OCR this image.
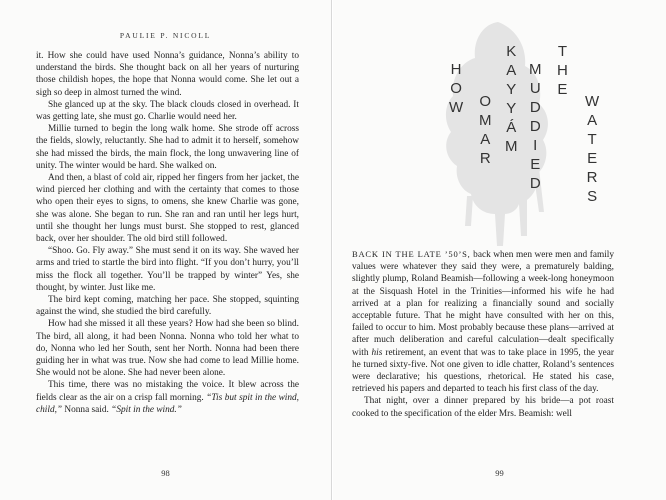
PAULIE P. NICOLL

it. How she could have used Nonna’s guidance, Nonna’s ability to understand the birds. She thought back on all her years of nurturing those childish hopes, the hope that Nonna would come. She let out a sigh so deep in almost turned the wind.

She glanced up at the sky. The black clouds closed in overhead. It was getting late, she must go. Charlie would need her.

Millie turned to begin the long walk home. She strode off across the fields, slowly, reluctantly. She had to admit it to herself, somehow she had missed the birds, the main flock, the long unwavering line of unity. The winter would be hard. She walked on.

And then, a blast of cold air, ripped her fingers from her jacket, the wind pierced her clothing and with the certainty that comes to those who open their eyes to signs, to omens, she knew Charlie was gone, she was alone. She began to run. She ran and ran until her legs hurt, until she thought her lungs must burst. She stopped to rest, glanced back, over her shoulder. The old bird still followed.

“Shoo. Go. Fly away.” She must send it on its way. She waved her arms and tried to startle the bird into flight. “If you don’t hurry, you’ll miss the flock all together. You’ll be trapped by winter” Yes, she thought, by winter. Just like me.

The bird kept coming, matching her pace. She stopped, squinting against the wind, she studied the bird carefully.

How had she missed it all these years? How had she been so blind. The bird, all along, it had been Nonna. Nonna who told her what to do, Nonna who led her South, sent her North. Nonna had been there guiding her in what was true. Now she had come to lead Millie home. She would not be alone. She had never been alone.

This time, there was no mistaking the voice. It blew across the fields clear as the air on a crisp fall morning. “Tis but spit in the wind, child,” Nonna said. “Spit in the wind.”

98
H
O
W O
M
A
R
K
A
Y
Y
Á
M
M
U
D
D
I
E
D
T
H
E
W
A
T
E
R
S

BACK IN THE LATE ’50’S, back when men were men and family values were whatever they said they were, a prematurely balding, slightly plump, Roland Beamish—following a week-long honeymoon at the Sisquash Hotel in the Trinities—informed his wife he had arrived at a plan for realizing a financially sound and socially acceptable future. That he might have consulted with her on this, failed to occur to him. Most probably because these plans—arrived at after much deliberation and careful calculation—dealt specifically with his retirement, an event that was to take place in 1995, the year he turned sixty-five. Not one given to idle chatter, Roland’s sentences were declarative; his questions, rhetorical. He stated his case, retrieved his papers and departed to teach his first class of the day.

That night, over a dinner prepared by his bride—a pot roast cooked to the specification of the elder Mrs. Beamish: well

99
